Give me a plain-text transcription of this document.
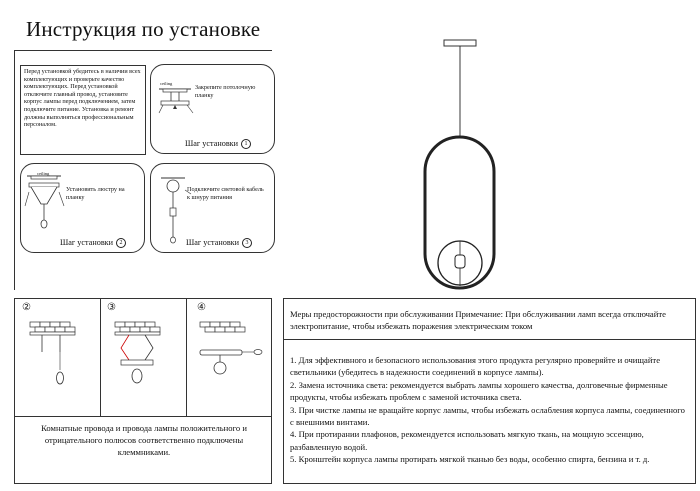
Инструкция по установке
Перед установкой убедитесь в наличии всех комплектующих и проверьте качество комплектующих. Перед установкой отключите главный провод, установите корпус лампы перед подключением, затем подключите питание. Установка и ремонт должны выполняться профессиональным персоналом.
ceiling
Закрепите потолочную планку
Шаг установки 1
ceiling
Установить люстру на планку
Шаг установки 2
Подключите световой кабель к шнуру питания
Шаг установки 3
②	③	④
Комнатные провода и провода лампы положительного и отрицательного полюсов соответственно подключены клеммниками.
Меры предосторожности при обслуживании Примечание: При обслуживании ламп всегда отключайте электропитание, чтобы избежать поражения электрическим током
1. Для эффективного и безопасного использования этого продукта регулярно проверяйте и очищайте светильники (убедитесь в надежности соединений в корпусе лампы).
2. Замена источника света: рекомендуется выбрать лампы хорошего качества, долговечные фирменные продукты, чтобы избежать проблем с заменой источника света.
3. При чистке лампы не вращайте корпус лампы, чтобы избежать ослабления корпуса лампы, соединенного с внешними винтами.
4. При протирании плафонов, рекомендуется использовать мягкую ткань, на мощную эссенцию, разбавленную водой.
5. Кронштейн корпуса лампы протирать мягкой тканью без воды, особенно спирта, бензина и т. д.
